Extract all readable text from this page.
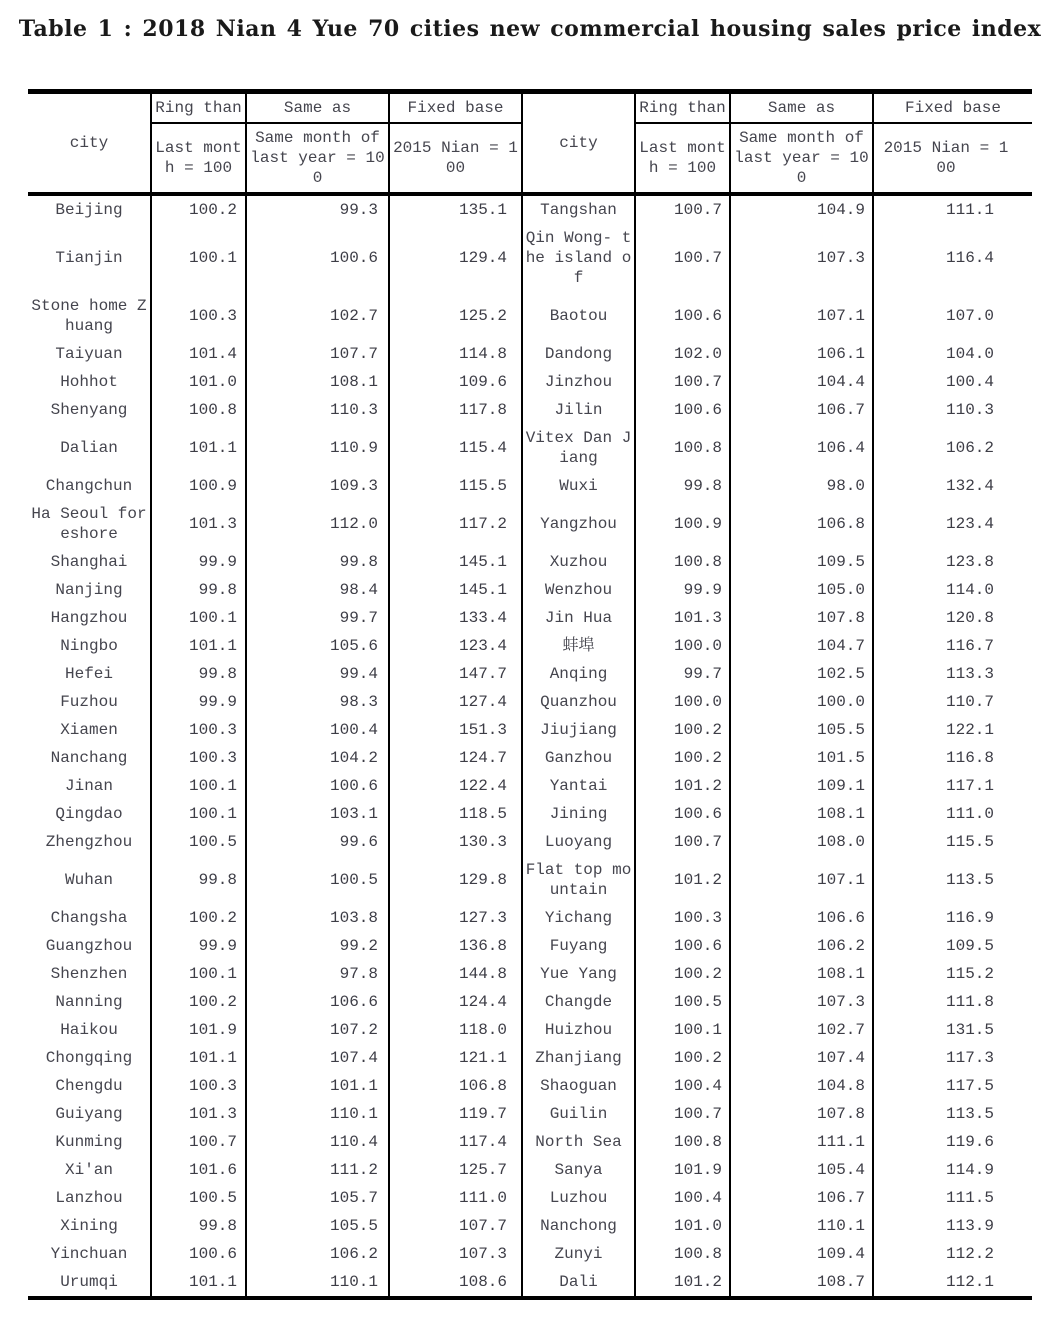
Table 1 : 2018 Nian 4 Yue 70 cities new commercial housing sales price index
city	Ring than	Same as	Fixed base	city	Ring than	Same as	Fixed base
	Last month = 100	Same month of last year = 100	2015 Nian = 100		Last month = 100	Same month of last year = 100	2015 Nian = 100
Beijing	100.2	99.3	135.1	Tangshan	100.7	104.9	111.1
Tianjin	100.1	100.6	129.4	Qin Wong- the island of	100.7	107.3	116.4
Stone home Zhuang	100.3	102.7	125.2	Baotou	100.6	107.1	107.0
Taiyuan	101.4	107.7	114.8	Dandong	102.0	106.1	104.0
Hohhot	101.0	108.1	109.6	Jinzhou	100.7	104.4	100.4
Shenyang	100.8	110.3	117.8	Jilin	100.6	106.7	110.3
Dalian	101.1	110.9	115.4	Vitex Dan Jiang	100.8	106.4	106.2
Changchun	100.9	109.3	115.5	Wuxi	99.8	98.0	132.4
Ha Seoul foreshore	101.3	112.0	117.2	Yangzhou	100.9	106.8	123.4
Shanghai	99.9	99.8	145.1	Xuzhou	100.8	109.5	123.8
Nanjing	99.8	98.4	145.1	Wenzhou	99.9	105.0	114.0
Hangzhou	100.1	99.7	133.4	Jin Hua	101.3	107.8	120.8
Ningbo	101.1	105.6	123.4	蚌埠	100.0	104.7	116.7
Hefei	99.8	99.4	147.7	Anqing	99.7	102.5	113.3
Fuzhou	99.9	98.3	127.4	Quanzhou	100.0	100.0	110.7
Xiamen	100.3	100.4	151.3	Jiujiang	100.2	105.5	122.1
Nanchang	100.3	104.2	124.7	Ganzhou	100.2	101.5	116.8
Jinan	100.1	100.6	122.4	Yantai	101.2	109.1	117.1
Qingdao	100.1	103.1	118.5	Jining	100.6	108.1	111.0
Zhengzhou	100.5	99.6	130.3	Luoyang	100.7	108.0	115.5
Wuhan	99.8	100.5	129.8	Flat top mountain	101.2	107.1	113.5
Changsha	100.2	103.8	127.3	Yichang	100.3	106.6	116.9
Guangzhou	99.9	99.2	136.8	Fuyang	100.6	106.2	109.5
Shenzhen	100.1	97.8	144.8	Yue Yang	100.2	108.1	115.2
Nanning	100.2	106.6	124.4	Changde	100.5	107.3	111.8
Haikou	101.9	107.2	118.0	Huizhou	100.1	102.7	131.5
Chongqing	101.1	107.4	121.1	Zhanjiang	100.2	107.4	117.3
Chengdu	100.3	101.1	106.8	Shaoguan	100.4	104.8	117.5
Guiyang	101.3	110.1	119.7	Guilin	100.7	107.8	113.5
Kunming	100.7	110.4	117.4	North Sea	100.8	111.1	119.6
Xi'an	101.6	111.2	125.7	Sanya	101.9	105.4	114.9
Lanzhou	100.5	105.7	111.0	Luzhou	100.4	106.7	111.5
Xining	99.8	105.5	107.7	Nanchong	101.0	110.1	113.9
Yinchuan	100.6	106.2	107.3	Zunyi	100.8	109.4	112.2
Urumqi	101.1	110.1	108.6	Dali	101.2	108.7	112.1
